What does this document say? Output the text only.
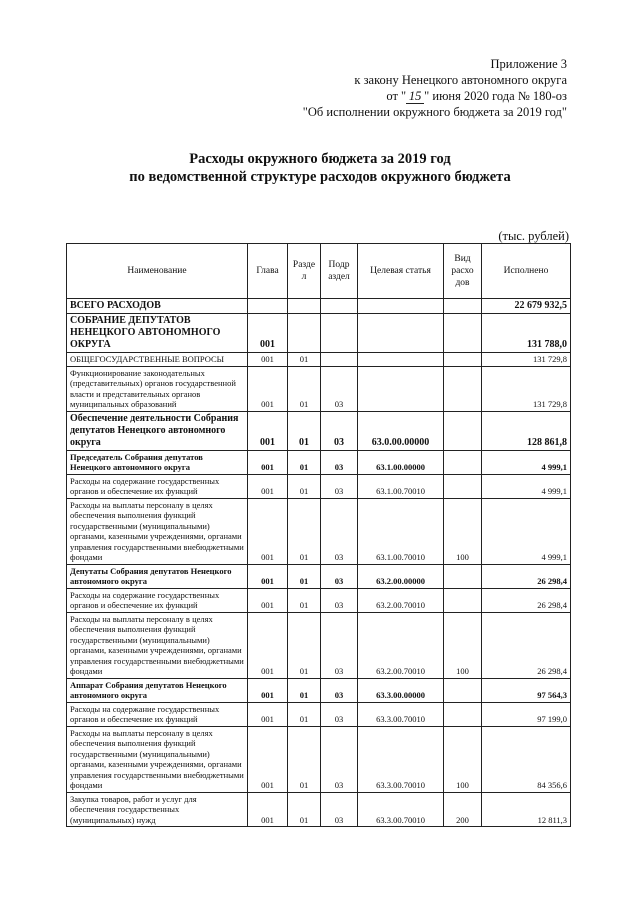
Приложение 3
к закону Ненецкого автономного округа
от " 15 " июня 2020 года № 180-оз
"Об исполнении окружного бюджета за 2019 год"
Расходы окружного бюджета за 2019 год
по ведомственной структуре расходов окружного бюджета
(тыс. рублей)
Наименование	Глава	Разде л	Подр аздел	Целевая статья	Вид расхо дов	Исполнено
ВСЕГО РАСХОДОВ						22 679 932,5
СОБРАНИЕ ДЕПУТАТОВ НЕНЕЦКОГО АВТОНОМНОГО ОКРУГА	001					131 788,0
ОБЩЕГОСУДАРСТВЕННЫЕ ВОПРОСЫ	001	01				131 729,8
Функционирование законодательных (представительных) органов государственной власти и представительных органов муниципальных образований	001	01	03			131 729,8
Обеспечение деятельности Собрания депутатов Ненецкого автономного округа	001	01	03	63.0.00.00000		128 861,8
Председатель Собрания депутатов Ненецкого автономного округа	001	01	03	63.1.00.00000		4 999,1
Расходы на содержание государственных органов и обеспечение их функций	001	01	03	63.1.00.70010		4 999,1
Расходы на выплаты персоналу в целях обеспечения выполнения функций государственными (муниципальными) органами, казенными учреждениями, органами управления государственными внебюджетными фондами	001	01	03	63.1.00.70010	100	4 999,1
Депутаты Собрания депутатов Ненецкого автономного округа	001	01	03	63.2.00.00000		26 298,4
Расходы на содержание государственных органов и обеспечение их функций	001	01	03	63.2.00.70010		26 298,4
Расходы на выплаты персоналу в целях обеспечения выполнения функций государственными (муниципальными) органами, казенными учреждениями, органами управления государственными внебюджетными фондами	001	01	03	63.2.00.70010	100	26 298,4
Аппарат Собрания депутатов Ненецкого автономного округа	001	01	03	63.3.00.00000		97 564,3
Расходы на содержание государственных органов и обеспечение их функций	001	01	03	63.3.00.70010		97 199,0
Расходы на выплаты персоналу в целях обеспечения выполнения функций государственными (муниципальными) органами, казенными учреждениями, органами управления государственными внебюджетными фондами	001	01	03	63.3.00.70010	100	84 356,6
Закупка товаров, работ и услуг для обеспечения государственных (муниципальных) нужд	001	01	03	63.3.00.70010	200	12 811,3
